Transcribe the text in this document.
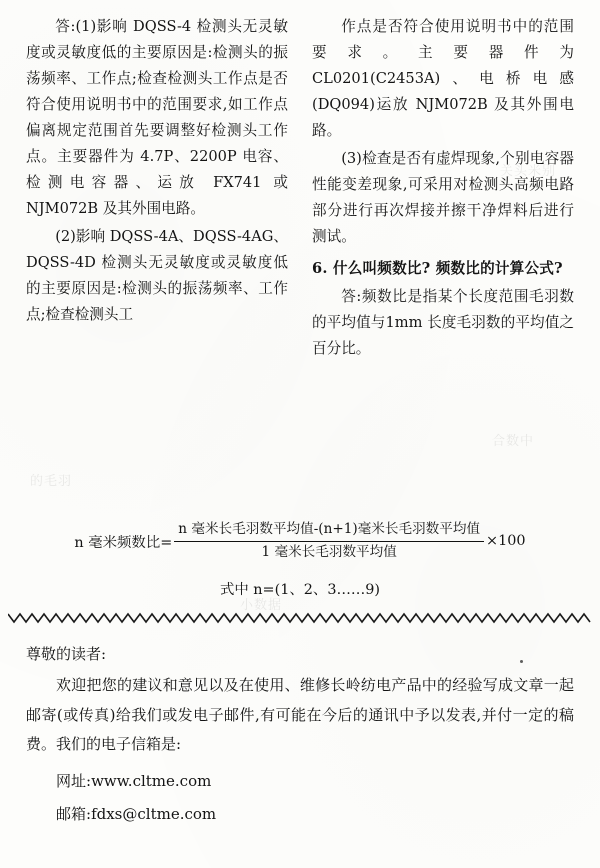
关头米别
合数中
小数据
的毛羽

答:(1)影响 DQSS-4 检测头无灵敏度或灵敏度低的主要原因是:检测头的振荡频率、工作点;检查检测头工作点是否符合使用说明书中的范围要求,如工作点偏离规定范围首先要调整好检测头工作点。主要器件为 4.7P、2200P 电容、检测电容器、运放 FX741 或 NJM072B 及其外围电路。

(2)影响 DQSS-4A、DQSS-4AG、DQSS-4D 检测头无灵敏度或灵敏度低的主要原因是:检测头的振荡频率、工作点;检查检测头工

作点是否符合使用说明书中的范围要求。主要器件为 CL0201(C2453A)、电桥电感(DQ094)运放 NJM072B 及其外围电路。

(3)检查是否有虚焊现象,个别电容器性能变差现象,可采用对检测头高频电路部分进行再次焊接并擦干净焊料后进行测试。

6. 什么叫频数比? 频数比的计算公式?

答:频数比是指某个长度范围毛羽数的平均值与1mm 长度毛羽数的平均值之百分比。

n 毫米频数比= $\frac{\text{n 毫米长毛羽数平均值-(n+1)毫米长毛羽数平均值}}{\text{1 毫米长毛羽数平均值}} \times 100$
式中 n=(1、2、3……9)

尊敬的读者:

欢迎把您的建议和意见以及在使用、维修长岭纺电产品中的经验写成文章一起邮寄(或传真)给我们或发电子邮件,有可能在今后的通讯中予以发表,并付一定的稿费。我们的电子信箱是:

网址:www.cltme.com

邮箱:fdxs@cltme.com
